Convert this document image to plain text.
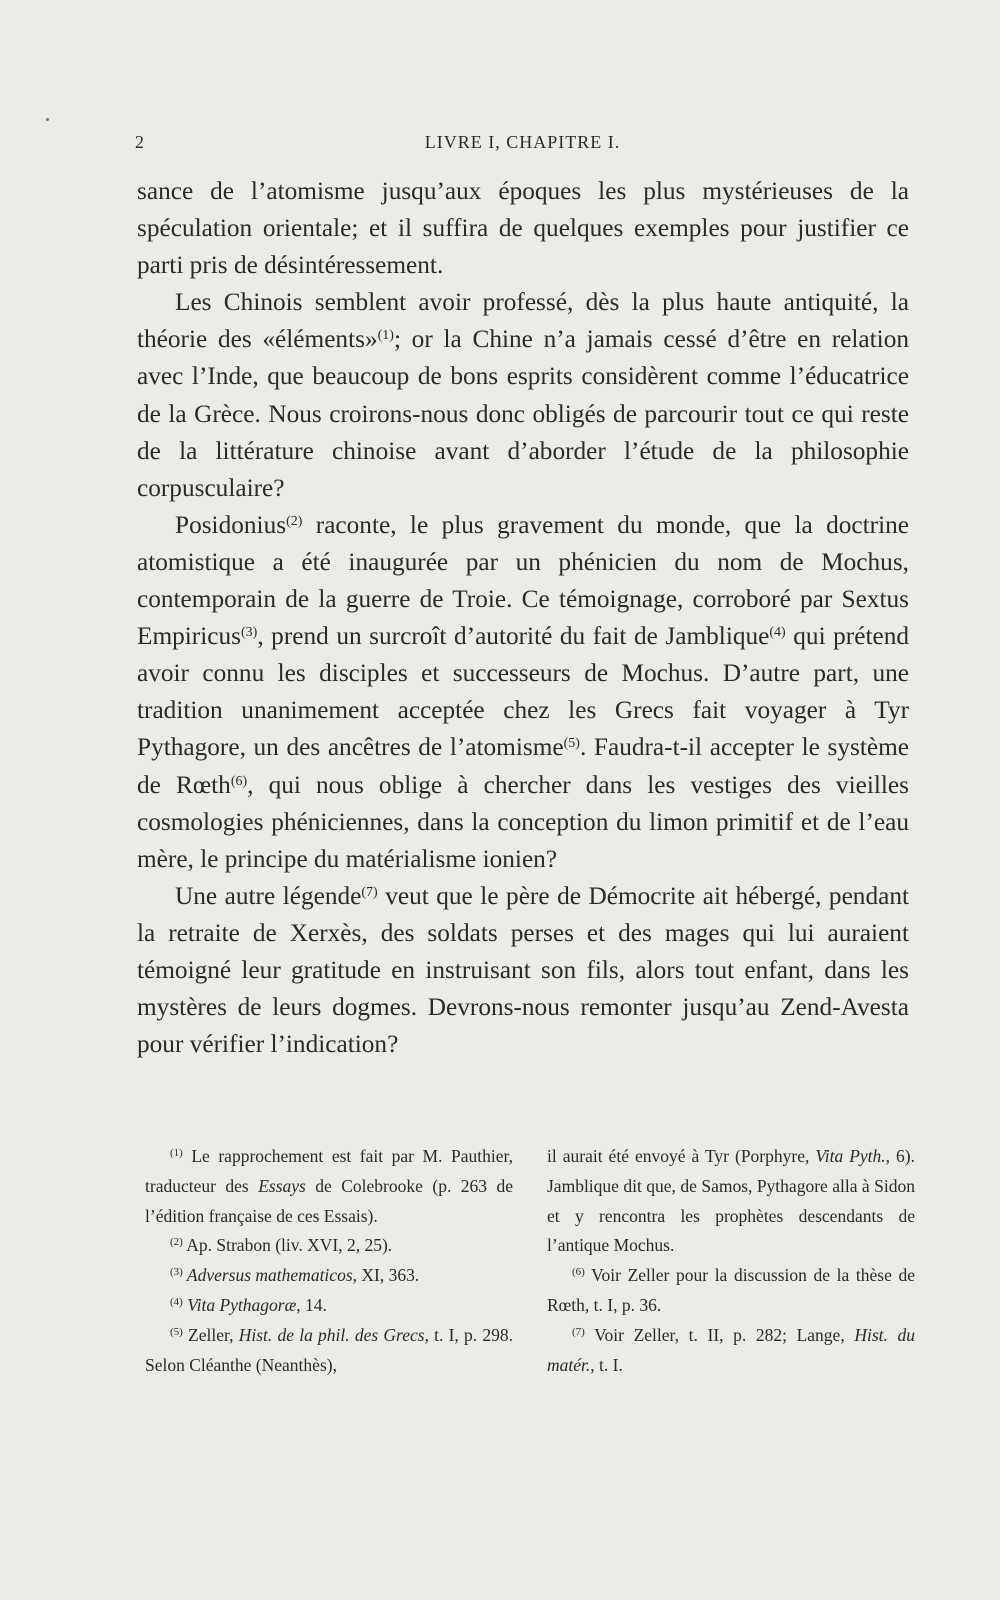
2	LIVRE I, CHAPITRE I.

sance de l’atomisme jusqu’aux époques les plus mystérieuses de la spéculation orientale; et il suffira de quelques exemples pour justifier ce parti pris de désintéressement.

Les Chinois semblent avoir professé, dès la plus haute antiquité, la théorie des «éléments»$^{(1)}$; or la Chine n’a jamais cessé d’être en relation avec l’Inde, que beaucoup de bons esprits considèrent comme l’éducatrice de la Grèce. Nous croirons-nous donc obligés de parcourir tout ce qui reste de la littérature chinoise avant d’aborder l’étude de la philosophie corpusculaire?

Posidonius$^{(2)}$ raconte, le plus gravement du monde, que la doctrine atomistique a été inaugurée par un phénicien du nom de Mochus, contemporain de la guerre de Troie. Ce témoignage, corroboré par Sextus Empiricus$^{(3)}$, prend un surcroît d’autorité du fait de Jamblique$^{(4)}$ qui prétend avoir connu les disciples et successeurs de Mochus. D’autre part, une tradition unanimement acceptée chez les Grecs fait voyager à Tyr Pythagore, un des ancêtres de l’atomisme$^{(5)}$. Faudra-t-il accepter le système de Rœth$^{(6)}$, qui nous oblige à chercher dans les vestiges des vieilles cosmologies phéniciennes, dans la conception du limon primitif et de l’eau mère, le principe du matérialisme ionien?

Une autre légende$^{(7)}$ veut que le père de Démocrite ait hébergé, pendant la retraite de Xerxès, des soldats perses et des mages qui lui auraient témoigné leur gratitude en instruisant son fils, alors tout enfant, dans les mystères de leurs dogmes. Devrons-nous remonter jusqu’au Zend-Avesta pour vérifier l’indication?

$^{(1)}$ Le rapprochement est fait par M. Pauthier, traducteur des Essays de Colebrooke (p. 263 de l’édition française de ces Essais).

$^{(2)}$ Ap. Strabon (liv. XVI, 2, 25).

$^{(3)}$ Adversus mathematicos, XI, 363.

$^{(4)}$ Vita Pythagoræ, 14.

$^{(5)}$ Zeller, Hist. de la phil. des Grecs, t. I, p. 298. Selon Cléanthe (Neanthès),

il aurait été envoyé à Tyr (Porphyre, Vita Pyth., 6). Jamblique dit que, de Samos, Pythagore alla à Sidon et y rencontra les prophètes descendants de l’antique Mochus.

$^{(6)}$ Voir Zeller pour la discussion de la thèse de Rœth, t. I, p. 36.

$^{(7)}$ Voir Zeller, t. II, p. 282; Lange, Hist. du matér., t. I.
